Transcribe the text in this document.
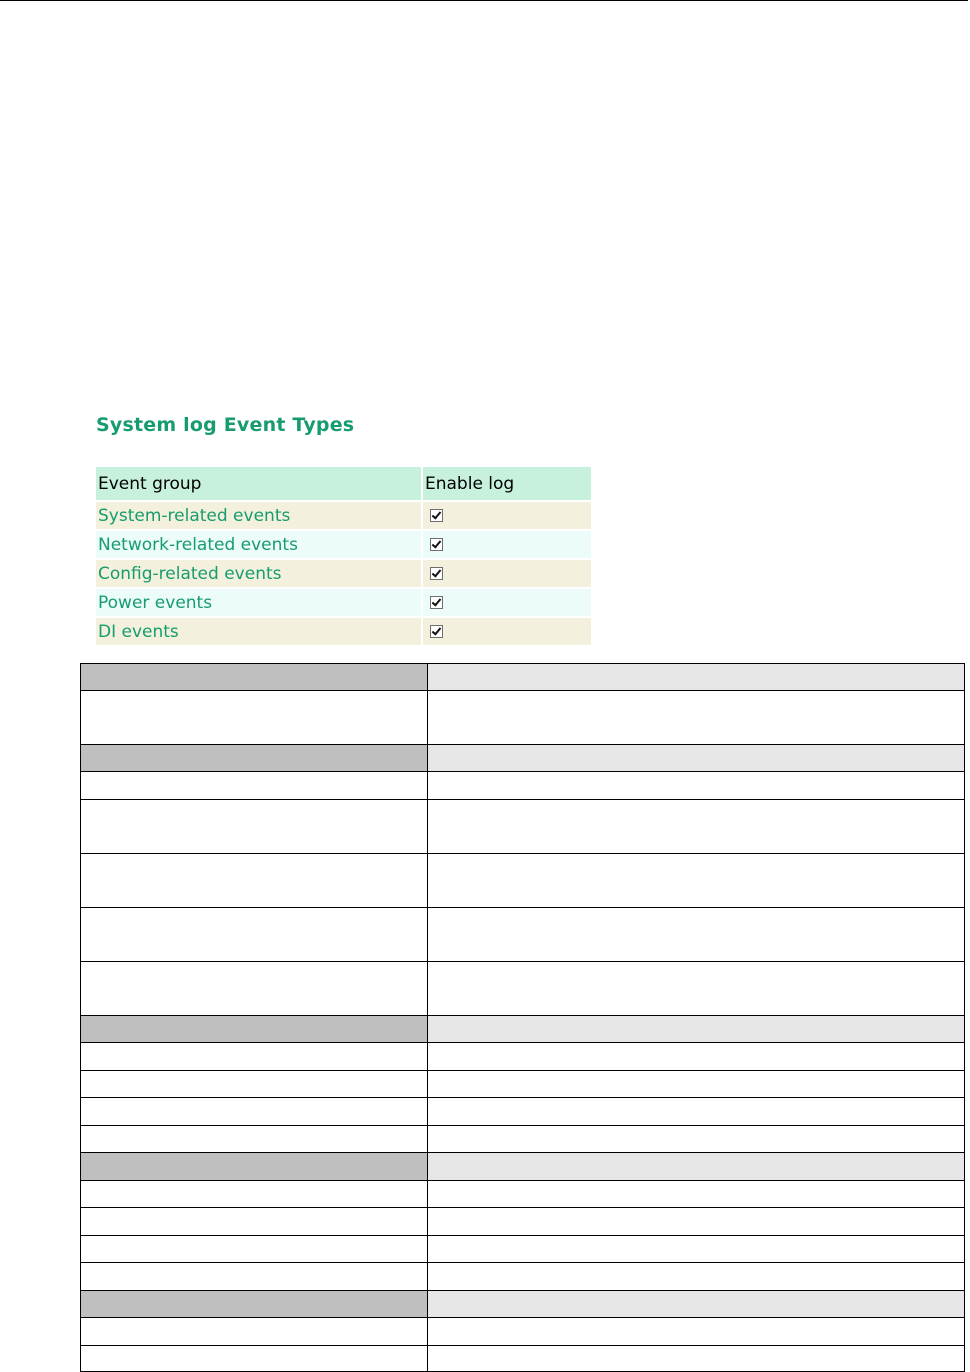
System log Event Types
Event group	Enable log
System-related events	
Network-related events	
Config-related events	
Power events	
DI events	
